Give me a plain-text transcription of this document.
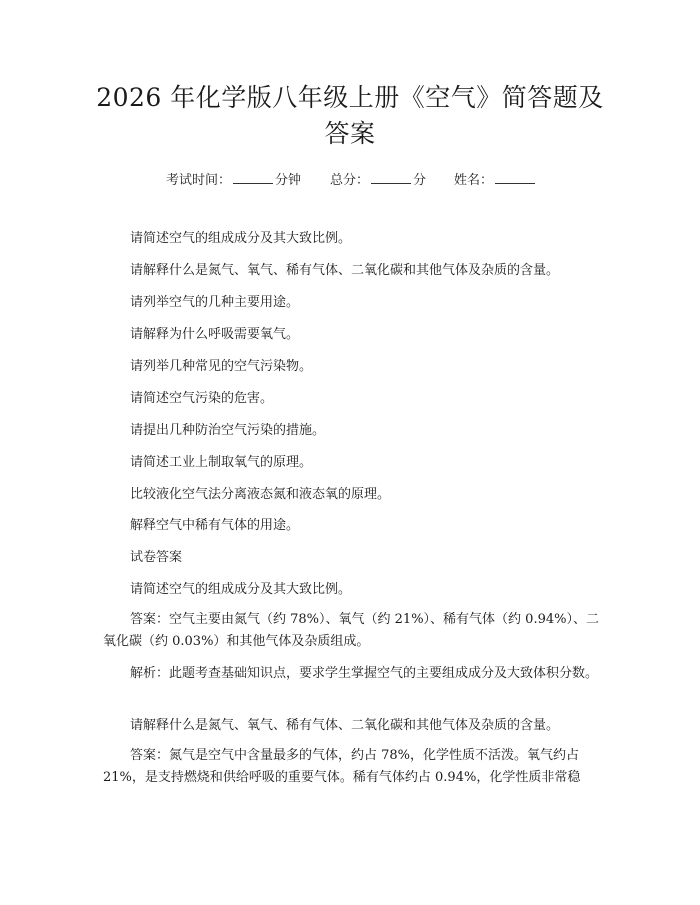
2026 年化学版八年级上册《空气》简答题及
答案
考试时间：	分钟 总分：	分 姓名：
请简述空气的组成成分及其大致比例。
请解释什么是氮气、氧气、稀有气体、二氧化碳和其他气体及杂质的含量。
请列举空气的几种主要用途。
请解释为什么呼吸需要氧气。
请列举几种常见的空气污染物。
请简述空气污染的危害。
请提出几种防治空气污染的措施。
请简述工业上制取氧气的原理。
比较液化空气法分离液态氮和液态氧的原理。
解释空气中稀有气体的用途。
试卷答案
请简述空气的组成成分及其大致比例。
答案：空气主要由氮气（约 78%）、氧气（约 21%）、稀有气体（约 0.94%）、二氧化碳（约 0.03%）和其他气体及杂质组成。
解析：此题考查基础知识点，要求学生掌握空气的主要组成成分及大致体积分数。
请解释什么是氮气、氧气、稀有气体、二氧化碳和其他气体及杂质的含量。
答案：氮气是空气中含量最多的气体，约占 78%，化学性质不活泼。氧气约占 21%，是支持燃烧和供给呼吸的重要气体。稀有气体约占 0.94%，化学性质非常稳
